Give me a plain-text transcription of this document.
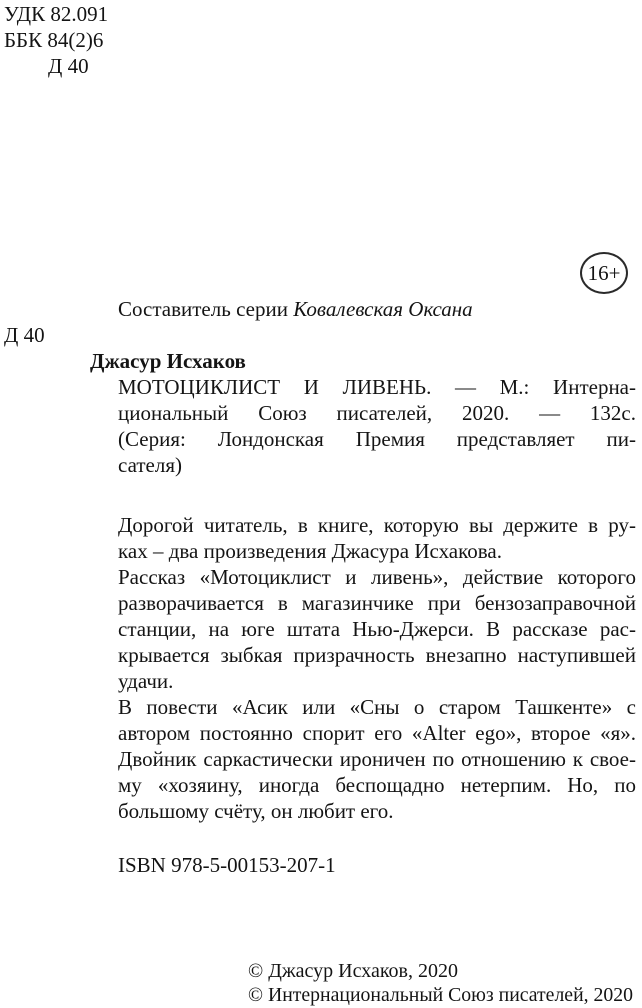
УДК 82.091
ББК 84(2)6
Д 40
16+
Составитель серии Ковалевская Оксана
Д 40
Джасур Исхаков
МОТОЦИКЛИСТ И ЛИВЕНЬ. — М.: Интерна-
циональный Союз писателей, 2020. — 132с.
(Серия: Лондонская Премия представляет пи-
сателя)
Дорогой читатель, в книге, которую вы держите в ру-
ках – два произведения Джасура Исхакова.
Рассказ «Мотоциклист и ливень», действие которого
разворачивается в магазинчике при бензозаправочной
станции, на юге штата Нью-Джерси. В рассказе рас-
крывается зыбкая призрачность внезапно наступившей
удачи.
В повести «Асик или «Сны о старом Ташкенте» с
автором постоянно спорит его «Alter ego», второе «я».
Двойник саркастически ироничен по отношению к свое-
му «хозяину, иногда беспощадно нетерпим. Но, по
большому счёту, он любит его.
ISBN 978-5-00153-207-1
© Джасур Исхаков, 2020
© Интернациональный Союз писателей, 2020
